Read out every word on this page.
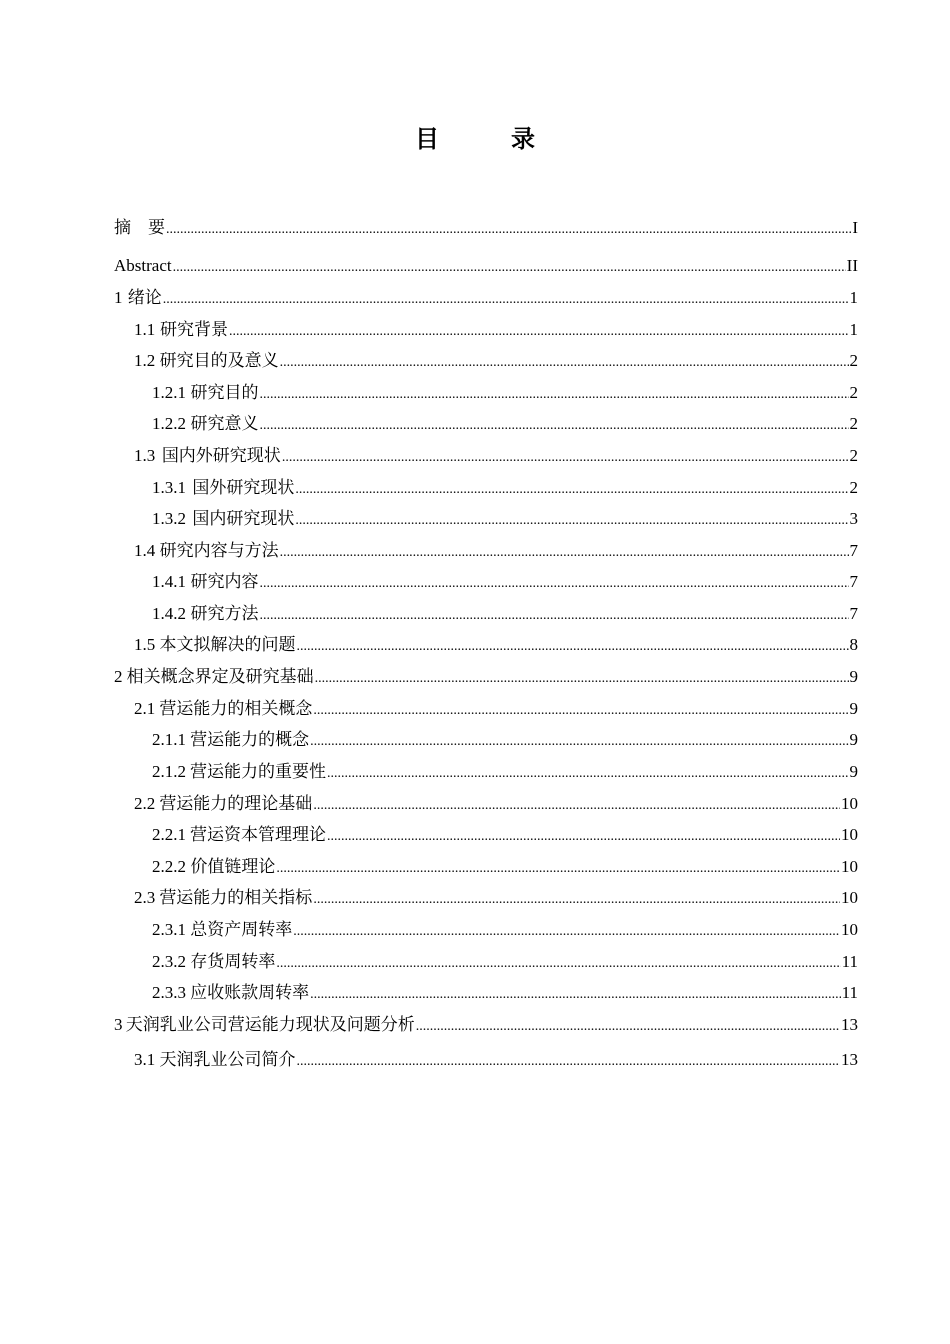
目　录
摘　要 .....	I
Abstract .....	II
1 绪论 .....	1
1.1 研究背景 .....	1
1.2 研究目的及意义 .....	2
1.2.1 研究目的 .....	2
1.2.2 研究意义 .....	2
1.3 国内外研究现状 .....	2
1.3.1 国外研究现状 .....	2
1.3.2 国内研究现状 .....	3
1.4 研究内容与方法 .....	7
1.4.1 研究内容 .....	7
1.4.2 研究方法 .....	7
1.5 本文拟解决的问题 .....	8
2 相关概念界定及研究基础 .....	9
2.1 营运能力的相关概念 .....	9
2.1.1 营运能力的概念 .....	9
2.1.2 营运能力的重要性 .....	9
2.2 营运能力的理论基础 .....	10
2.2.1 营运资本管理理论 .....	10
2.2.2 价值链理论 .....	10
2.3 营运能力的相关指标 .....	10
2.3.1 总资产周转率 .....	10
2.3.2 存货周转率 .....	11
2.3.3 应收账款周转率 .....	11
3 天润乳业公司营运能力现状及问题分析 .....	13
3.1 天润乳业公司简介 .....	13
